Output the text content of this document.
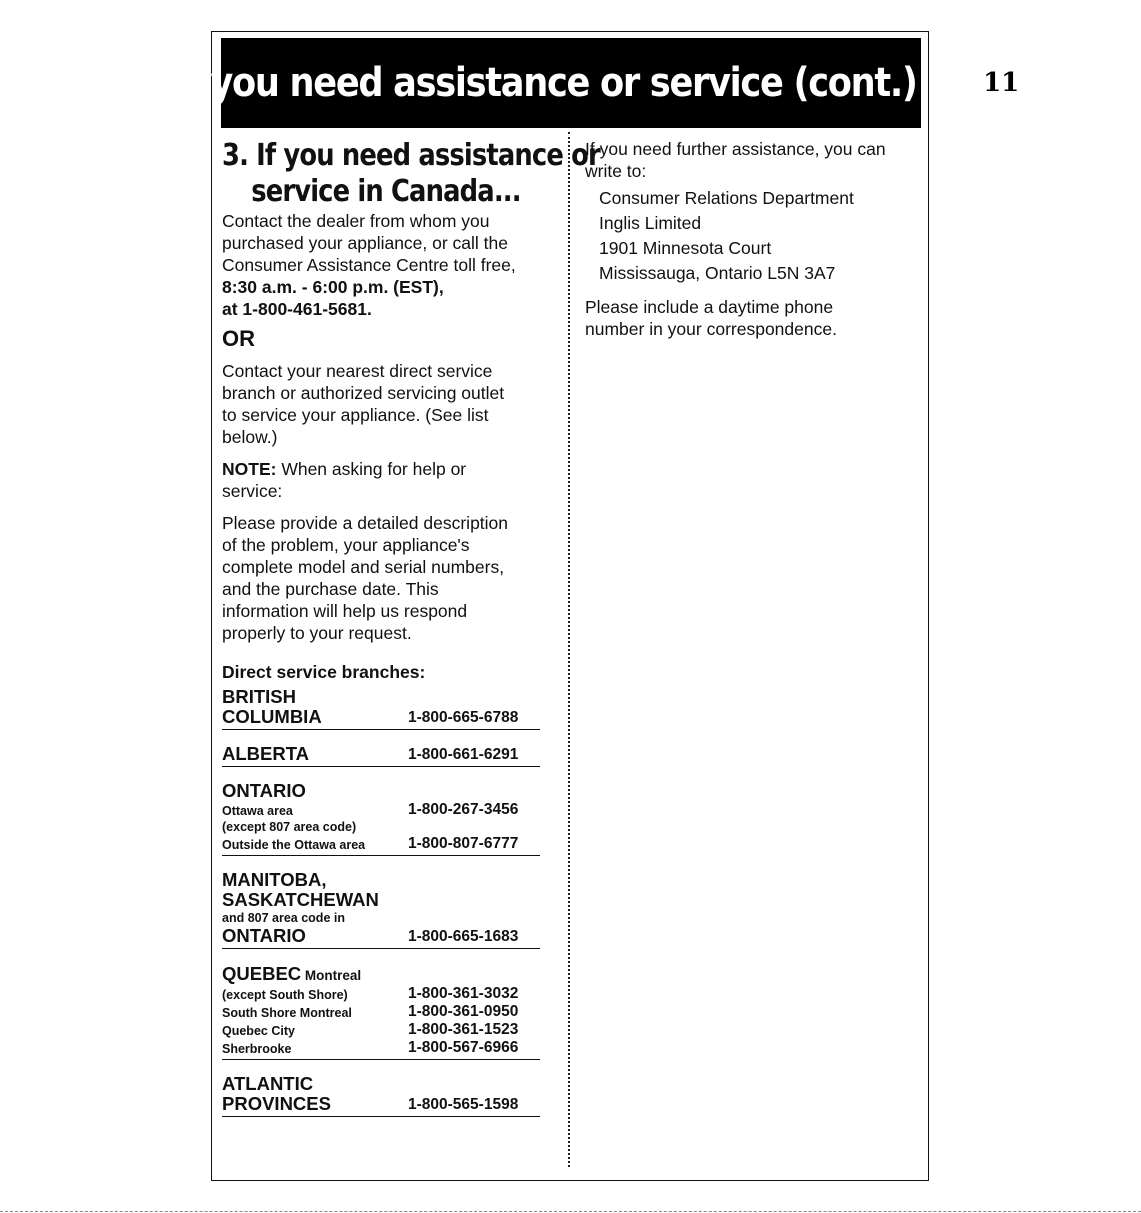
If you need assistance or service (cont.)	11
3. If you need assistance or
service in Canada...

Contact the dealer from whom you

purchased your appliance, or call the

Consumer Assistance Centre toll free,

8:30 a.m. - 6:00 p.m. (EST),

at 1-800-461-5681.

OR

Contact your nearest direct service

branch or authorized servicing outlet

to service your appliance. (See list

below.)

NOTE: When asking for help or

service:

Please provide a detailed description

of the problem, your appliance's

complete model and serial numbers,

and the purchase date. This

information will help us respond

properly to your request.

Direct service branches:
BRITISH
COLUMBIA	1-800-665-6788
ALBERTA	1-800-661-6291
ONTARIO
Ottawa area	1-800-267-3456
(except 807 area code)
Outside the Ottawa area	1-800-807-6777
MANITOBA,
SASKATCHEWAN
and 807 area code in
ONTARIO	1-800-665-1683
QUEBEC Montreal
(except South Shore)	1-800-361-3032
South Shore Montreal	1-800-361-0950
Quebec City	1-800-361-1523
Sherbrooke	1-800-567-6966
ATLANTIC
PROVINCES	1-800-565-1598

If you need further assistance, you can

write to:

Consumer Relations Department

Inglis Limited

1901 Minnesota Court

Mississauga, Ontario L5N 3A7

Please include a daytime phone

number in your correspondence.
